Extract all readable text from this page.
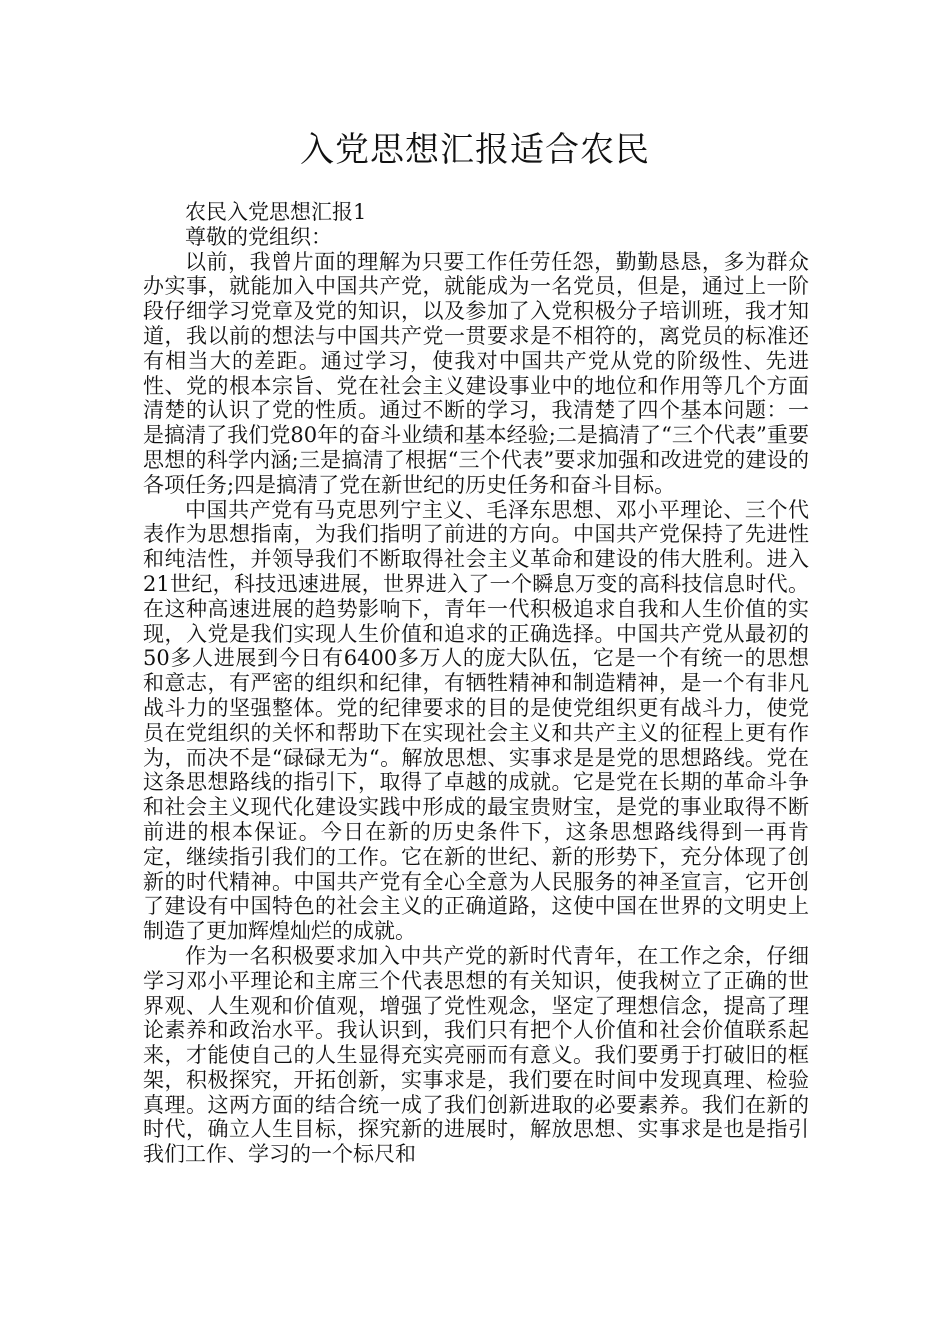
入党思想汇报适合农民

农民入党思想汇报1

尊敬的党组织：

以前，我曾片面的理解为只要工作任劳任怨，勤勤恳恳，多为群众办实事，就能加入中国共产党，就能成为一名党员，但是，通过上一阶段仔细学习党章及党的知识，以及参加了入党积极分子培训班，我才知道，我以前的想法与中国共产党一贯要求是不相符的，离党员的标准还有相当大的差距。通过学习，使我对中国共产党从党的阶级性、先进性、党的根本宗旨、党在社会主义建设事业中的地位和作用等几个方面清楚的认识了党的性质。通过不断的学习，我清楚了四个基本问题：一是搞清了我们党80年的奋斗业绩和基本经验;二是搞清了“三个代表”重要思想的科学内涵;三是搞清了根据“三个代表”要求加强和改进党的建设的各项任务;四是搞清了党在新世纪的历史任务和奋斗目标。

中国共产党有马克思列宁主义、毛泽东思想、邓小平理论、三个代表作为思想指南，为我们指明了前进的方向。中国共产党保持了先进性和纯洁性，并领导我们不断取得社会主义革命和建设的伟大胜利。进入21世纪，科技迅速进展，世界进入了一个瞬息万变的高科技信息时代。在这种高速进展的趋势影响下，青年一代积极追求自我和人生价值的实现，入党是我们实现人生价值和追求的正确选择。中国共产党从最初的50多人进展到今日有6400多万人的庞大队伍，它是一个有统一的思想和意志，有严密的组织和纪律，有牺牲精神和制造精神，是一个有非凡战斗力的坚强整体。党的纪律要求的目的是使党组织更有战斗力，使党员在党组织的关怀和帮助下在实现社会主义和共产主义的征程上更有作为，而决不是“碌碌无为“。解放思想、实事求是是党的思想路线。党在这条思想路线的指引下，取得了卓越的成就。它是党在长期的革命斗争和社会主义现代化建设实践中形成的最宝贵财宝，是党的事业取得不断前进的根本保证。今日在新的历史条件下，这条思想路线得到一再肯定，继续指引我们的工作。它在新的世纪、新的形势下，充分体现了创新的时代精神。中国共产党有全心全意为人民服务的神圣宣言，它开创了建设有中国特色的社会主义的正确道路，这使中国在世界的文明史上制造了更加辉煌灿烂的成就。

作为一名积极要求加入中共产党的新时代青年，在工作之余，仔细学习邓小平理论和主席三个代表思想的有关知识，使我树立了正确的世界观、人生观和价值观，增强了党性观念，坚定了理想信念，提高了理论素养和政治水平。我认识到，我们只有把个人价值和社会价值联系起来，才能使自己的人生显得充实亮丽而有意义。我们要勇于打破旧的框架，积极探究，开拓创新，实事求是，我们要在时间中发现真理、检验真理。这两方面的结合统一成了我们创新进取的必要素养。我们在新的时代，确立人生目标，探究新的进展时，解放思想、实事求是也是指引我们工作、学习的一个标尺和
